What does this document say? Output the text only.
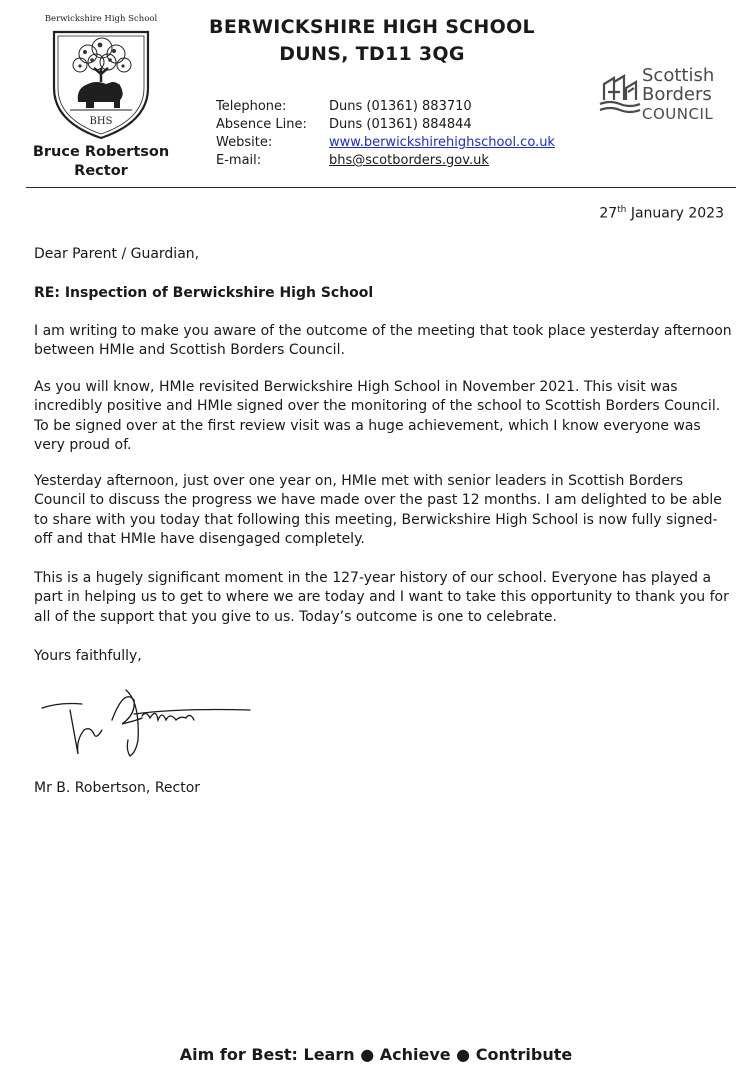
BHS
Berwickshire High School
Bruce Robertson
Rector
BERWICKSHIRE HIGH SCHOOL
DUNS, TD11 3QG
Telephone:	Duns (01361) 883710
Absence Line: Duns (01361) 884844
Website:	www.berwickshirehighschool.co.uk
E-mail:	bhs@scotborders.gov.uk
Scottish
Borders
COUNCIL
27th January 2023
Dear Parent / Guardian,
RE: Inspection of Berwickshire High School

I am writing to make you aware of the outcome of the meeting that took place yesterday afternoon between HMIe and Scottish Borders Council.

As you will know, HMIe revisited Berwickshire High School in November 2021. This visit was incredibly positive and HMIe signed over the monitoring of the school to Scottish Borders Council. To be signed over at the first review visit was a huge achievement, which I know everyone was very proud of.

Yesterday afternoon, just over one year on, HMIe met with senior leaders in Scottish Borders Council to discuss the progress we have made over the past 12 months. I am delighted to be able to share with you today that following this meeting, Berwickshire High School is now fully signed-off and that HMIe have disengaged completely.

This is a hugely significant moment in the 127-year history of our school. Everyone has played a part in helping us to get to where we are today and I want to take this opportunity to thank you for all of the support that you give to us. Today’s outcome is one to celebrate.

Yours faithfully,
Mr B. Robertson, Rector
Aim for Best: Learn ● Achieve ● Contribute
